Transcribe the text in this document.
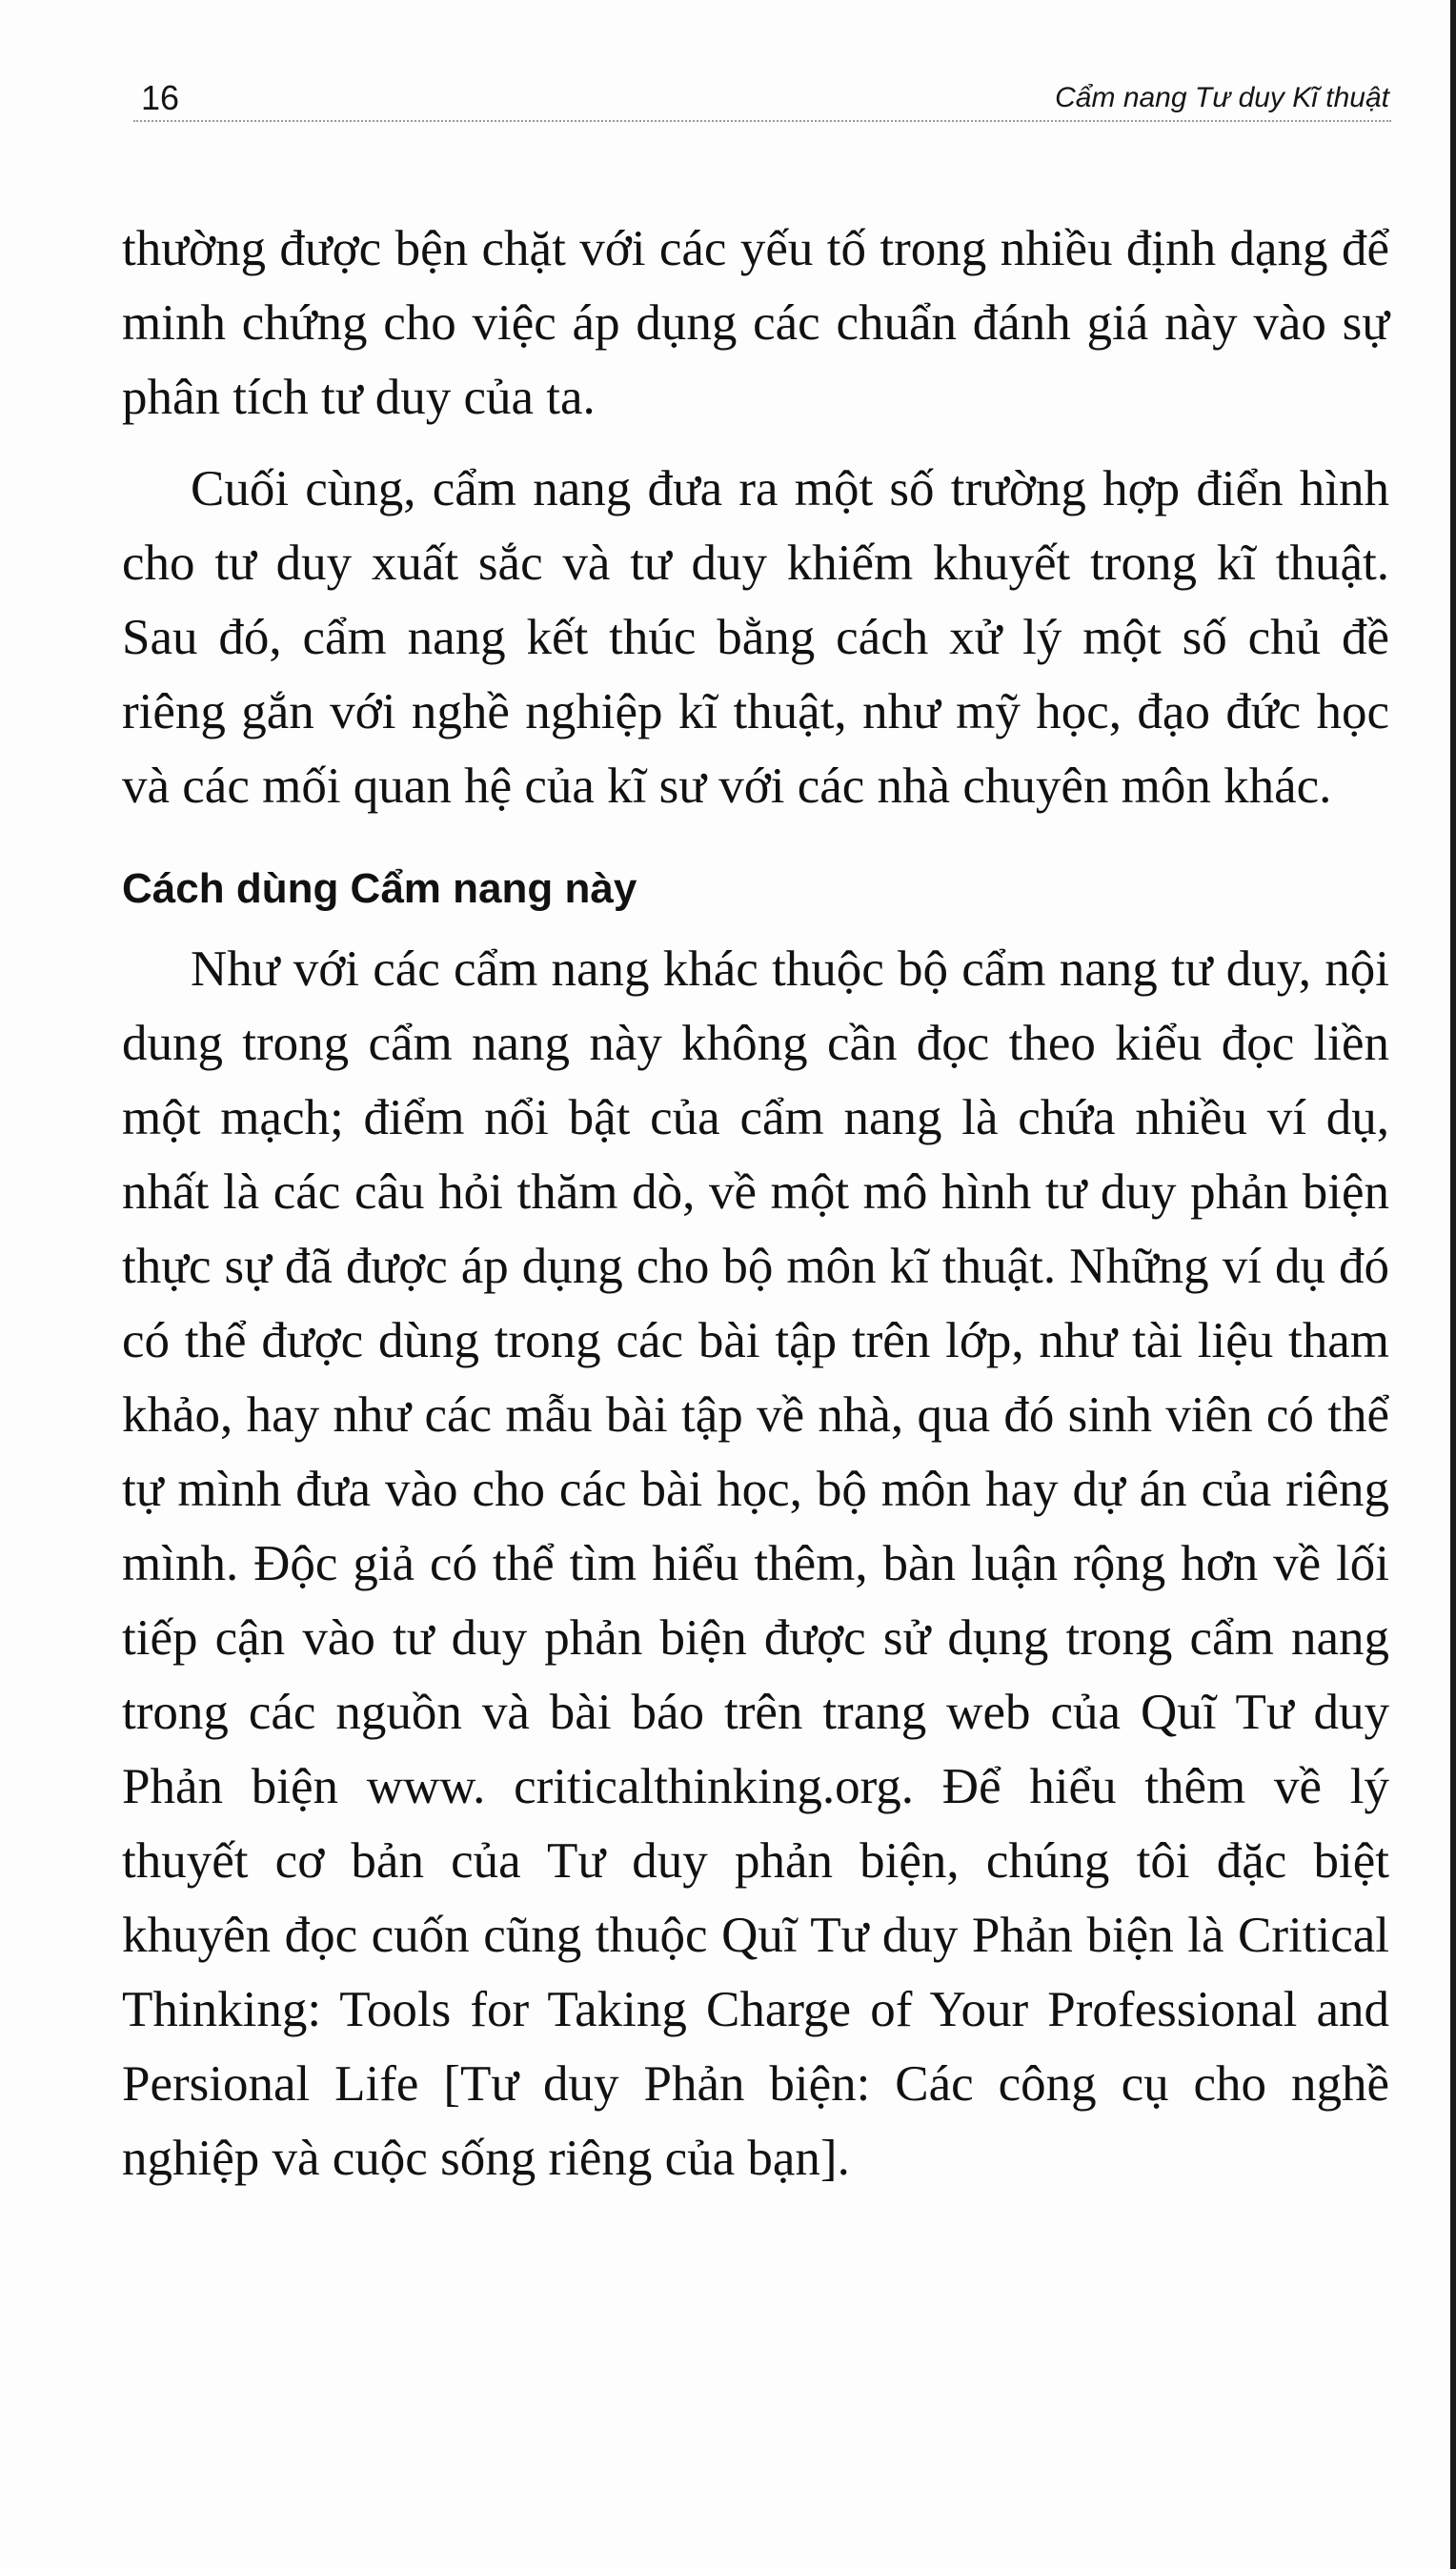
16	Cẩm nang Tư duy Kĩ thuật

thường được bện chặt với các yếu tố trong nhiều định dạng để minh chứng cho việc áp dụng các chuẩn đánh giá này vào sự phân tích tư duy của ta.

Cuối cùng, cẩm nang đưa ra một số trường hợp điển hình cho tư duy xuất sắc và tư duy khiếm khuyết trong kĩ thuật. Sau đó, cẩm nang kết thúc bằng cách xử lý một số chủ đề riêng gắn với nghề nghiệp kĩ thuật, như mỹ học, đạo đức học và các mối quan hệ của kĩ sư với các nhà chuyên môn khác.

Cách dùng Cẩm nang này

Như với các cẩm nang khác thuộc bộ cẩm nang tư duy, nội dung trong cẩm nang này không cần đọc theo kiểu đọc liền một mạch; điểm nổi bật của cẩm nang là chứa nhiều ví dụ, nhất là các câu hỏi thăm dò, về một mô hình tư duy phản biện thực sự đã được áp dụng cho bộ môn kĩ thuật. Những ví dụ đó có thể được dùng trong các bài tập trên lớp, như tài liệu tham khảo, hay như các mẫu bài tập về nhà, qua đó sinh viên có thể tự mình đưa vào cho các bài học, bộ môn hay dự án của riêng mình. Độc giả có thể tìm hiểu thêm, bàn luận rộng hơn về lối tiếp cận vào tư duy phản biện được sử dụng trong cẩm nang trong các nguồn và bài báo trên trang web của Quĩ Tư duy Phản biện www. criticalthinking.org. Để hiểu thêm về lý thuyết cơ bản của Tư duy phản biện, chúng tôi đặc biệt khuyên đọc cuốn cũng thuộc Quĩ Tư duy Phản biện là Critical Thinking: Tools for Taking Charge of Your Professional and Persional Life [Tư duy Phản biện: Các công cụ cho nghề nghiệp và cuộc sống riêng của bạn].
